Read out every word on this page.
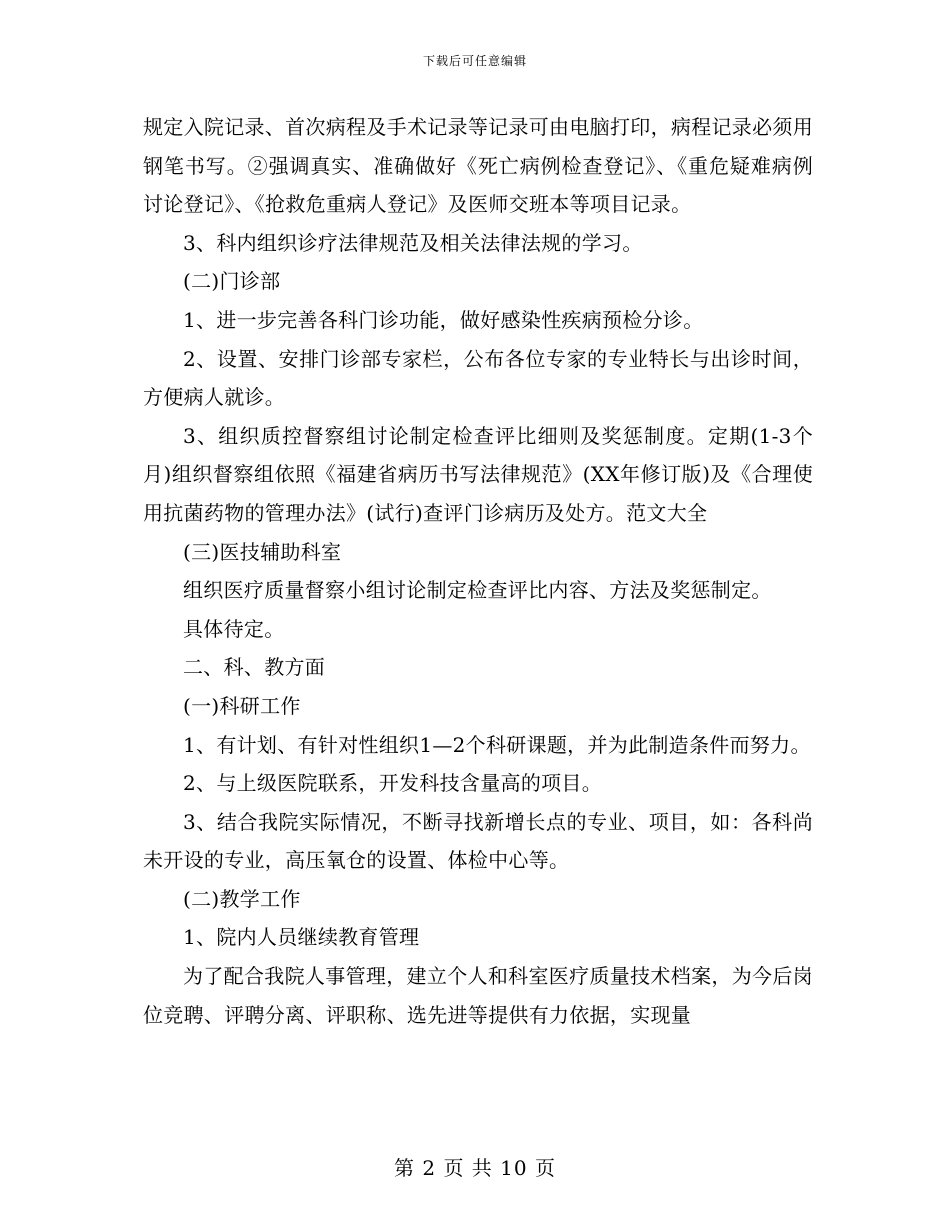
下载后可任意编辑

规定入院记录、首次病程及手术记录等记录可由电脑打印，病程记录必须用钢笔书写。②强调真实、准确做好《死亡病例检查登记》、《重危疑难病例讨论登记》、《抢救危重病人登记》及医师交班本等项目记录。

3、科内组织诊疗法律规范及相关法律法规的学习。

(二)门诊部

1、进一步完善各科门诊功能，做好感染性疾病预检分诊。

2、设置、安排门诊部专家栏，公布各位专家的专业特长与出诊时间，方便病人就诊。

3、组织质控督察组讨论制定检查评比细则及奖惩制度。定期(1-3个月)组织督察组依照《福建省病历书写法律规范》(XX年修订版)及《合理使用抗菌药物的管理办法》(试行)查评门诊病历及处方。范文大全

(三)医技辅助科室

组织医疗质量督察小组讨论制定检查评比内容、方法及奖惩制定。

具体待定。

二、科、教方面

(一)科研工作

1、有计划、有针对性组织1—2个科研课题，并为此制造条件而努力。

2、与上级医院联系，开发科技含量高的项目。

3、结合我院实际情况，不断寻找新增长点的专业、项目，如：各科尚未开设的专业，高压氧仓的设置、体检中心等。

(二)教学工作

1、院内人员继续教育管理

为了配合我院人事管理，建立个人和科室医疗质量技术档案，为今后岗位竞聘、评聘分离、评职称、选先进等提供有力依据，实现量

第 2 页 共 10 页
